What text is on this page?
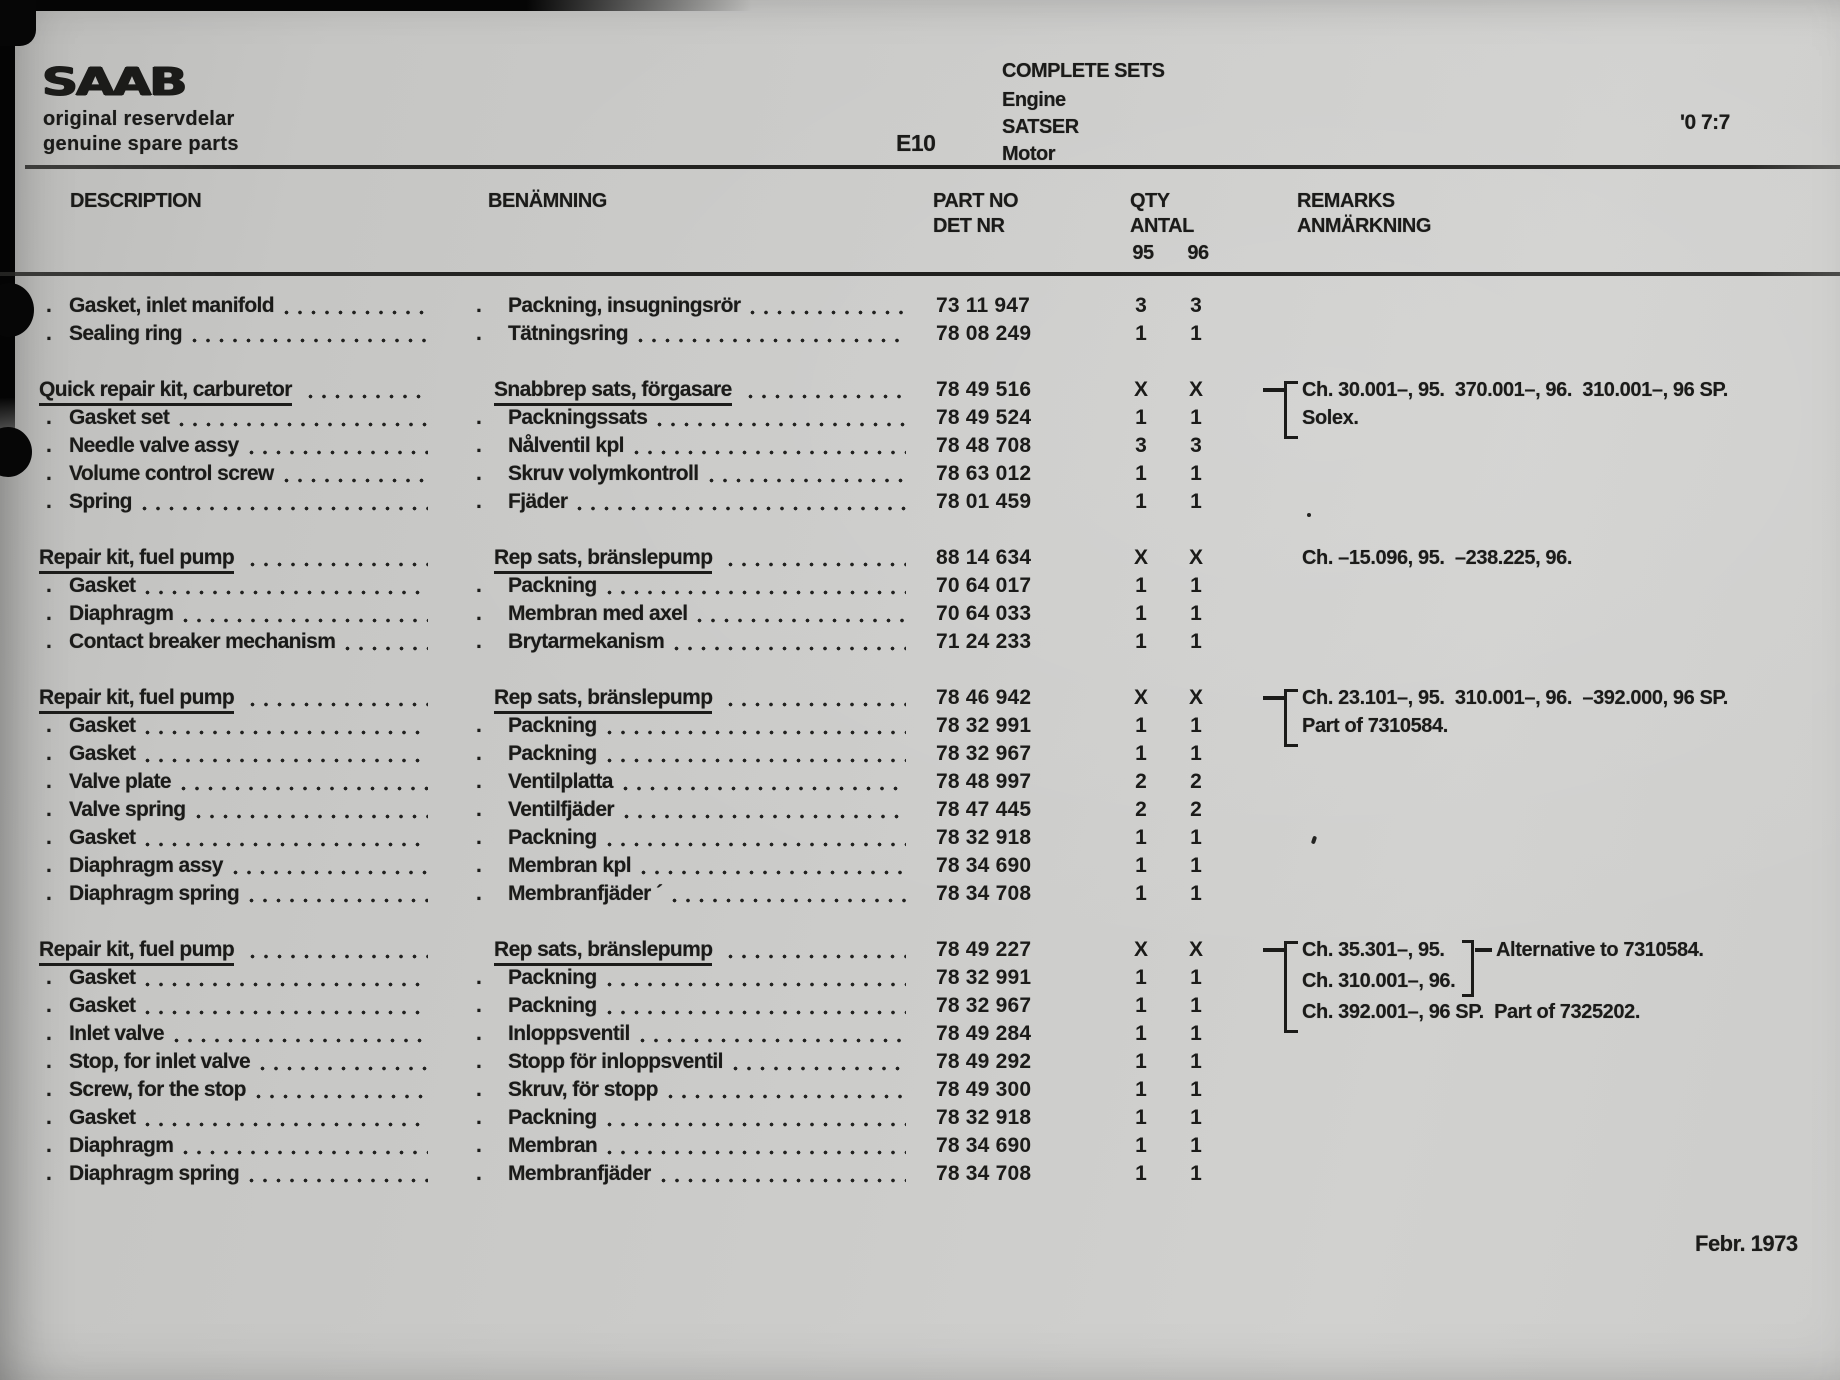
SAAB
original reservdelar
genuine spare parts	E10
COMPLETE SETS
Engine
SATSER
Motor
'0 7:7
DESCRIPTION	BENÄMNING	PART NO
DET NR
QTY
ANTAL
95	96
REMARKS
ANMÄRKNING
. Gasket, inlet manifold	.	Packning, insugningsrör	73 11 947	3	3
. Sealing ring	.	Tätningsring	78 08 249	1	1
Quick repair kit, carburetor	Snabbrep sats, förgasare	78 49 516	X	X	Ch. 30.001–, 95.  370.001–, 96.  310.001–, 96 SP.
Solex.
. Gasket set	.	Packningssats	78 49 524	1	1
. Needle valve assy	.	Nålventil kpl	78 48 708	3	3
. Volume control screw	.	Skruv volymkontroll	78 63 012	1	1
. Spring	.	Fjäder	78 01 459	1	1
Repair kit, fuel pump	Rep sats, bränslepump	88 14 634	X	X	Ch. –15.096, 95.  –238.225, 96.
. Gasket	.	Packning	70 64 017	1	1
. Diaphragm	.	Membran med axel	70 64 033	1	1
. Contact breaker mechanism	.	Brytarmekanism	71 24 233	1	1
Repair kit, fuel pump	Rep sats, bränslepump	78 46 942	X	X	Ch. 23.101–, 95.  310.001–, 96.  –392.000, 96 SP.
Part of 7310584.
. Gasket	.	Packning	78 32 991	1	1
. Gasket	.	Packning	78 32 967	1	1
. Valve plate	.	Ventilplatta	78 48 997	2	2
. Valve spring	.	Ventilfjäder	78 47 445	2	2
. Gasket	.	Packning	78 32 918	1	1
. Diaphragm assy	.	Membran kpl	78 34 690	1	1
. Diaphragm spring	.	Membranfjäder ´	78 34 708	1	1
Repair kit, fuel pump	Rep sats, bränslepump	78 49 227	X	X	Ch. 35.301–, 95.
Ch. 310.001–, 96.
Ch. 392.001–, 96 SP.  Part of 7325202.
Alternative to 7310584.
. Gasket	.	Packning	78 32 991	1	1
. Gasket	.	Packning	78 32 967	1	1
. Inlet valve	.	Inloppsventil	78 49 284	1	1
. Stop, for inlet valve	.	Stopp för inloppsventil	78 49 292	1	1
. Screw, for the stop	.	Skruv, för stopp	78 49 300	1	1
. Gasket	.	Packning	78 32 918	1	1
. Diaphragm	.	Membran	78 34 690	1	1
. Diaphragm spring	.	Membranfjäder	78 34 708	1	1
Febr. 1973
